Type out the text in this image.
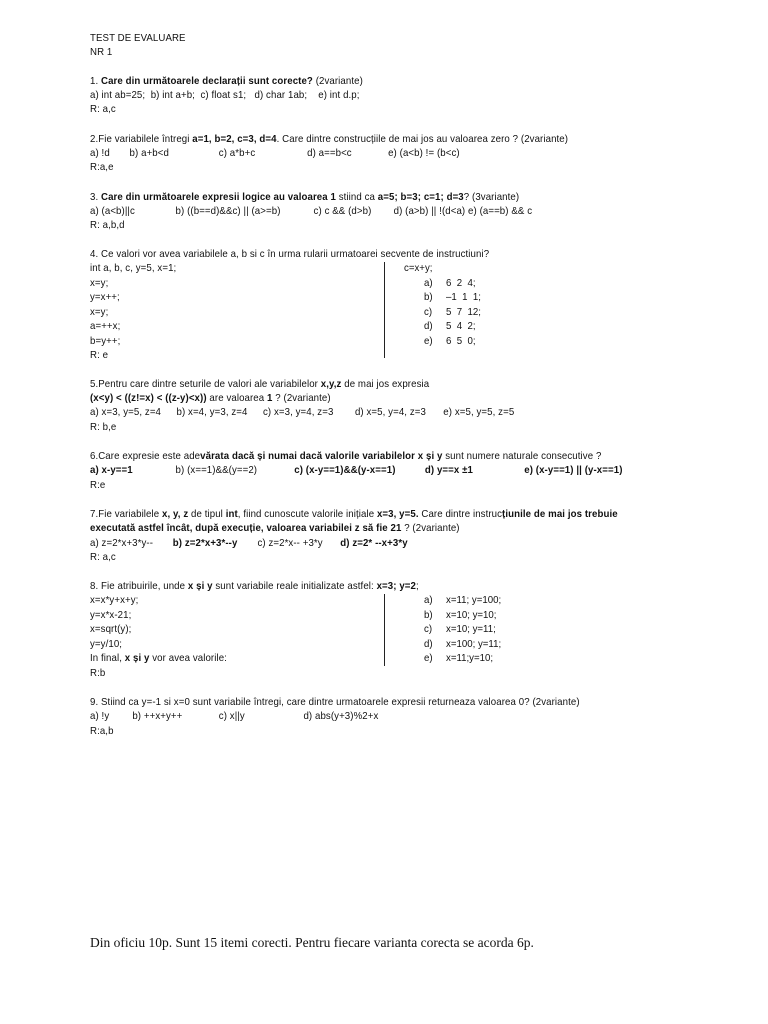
TEST DE EVALUARE
NR 1
1. Care din următoarele declarații sunt corecte? (2variante)
a) int ab=25;  b) int a+b;  c) float s1;   d) char 1ab;    e) int d.p;
R: a,c
2.Fie variabilele întregi a=1, b=2, c=3, d=4. Care dintre construcțiile de mai jos au valoarea zero ? (2variante)
a) !d b) a+b<d	c) a*b+c	d) a==b<c	e) (a<b) != (b<c)
R:a,e
3. Care din următoarele expresii logice au valoarea 1 stiind ca a=5; b=3; c=1; d=3? (3variante)
a) (a<b)||c	b) ((b==d)&&c) || (a>=b)	c) c && (d>b) d) (a>b) || !(d<a) e) (a==b) && c
R: a,b,d
4. Ce valori vor avea variabilele a, b si c în urma rularii urmatoarei secvente de instructiuni?
int a, b, c, y=5, x=1;
x=y;
y=x++;
x=y;
a=++x;
b=y++;
R: e
c=x+y;
a) 6  2  4;
b) –1  1  1;
c) 5  7  12;
d) 5  4  2;
e) 6  5  0;
5.Pentru care dintre seturile de valori ale variabilelor x,y,z de mai jos expresia
(x<y) < ((z!=x) < ((z-y)<x)) are valoarea 1 ? (2variante)
a) x=3, y=5, z=4 b) x=4, y=3, z=4 c) x=3, y=4, z=3 d) x=5, y=4, z=3 e) x=5, y=5, z=5
R: b,e
6.Care expresie este adevărata dacă și numai dacă valorile variabilelor x și y sunt numere naturale consecutive ?
a) x-y==1	b) (x==1)&&(y==2)	c) (x-y==1)&&(y-x==1)	d) y==x ±1	e) (x-y==1) || (y-x==1)
R:e
7.Fie variabilele x, y, z de tipul int, fiind cunoscute valorile inițiale x=3, y=5. Care dintre instrucțiunile de mai jos trebuie
executată astfel încât, după execuție, valoarea variabilei z să fie 21 ? (2variante)
a) z=2*x+3*y-- b) z=2*x+3*--y c) z=2*x-- +3*y d) z=2* --x+3*y
R: a,c
8. Fie atribuirile, unde x și y sunt variabile reale initializate astfel: x=3; y=2;
x=x*y+x+y;
y=x*x-21;
x=sqrt(y);
y=y/10;
In final, x și y vor avea valorile:
R:b
a) x=11; y=100;
b) x=10; y=10;
c) x=10; y=11;
d) x=100; y=11;
e) x=11;y=10;
9. Stiind ca y=-1 si x=0 sunt variabile întregi, care dintre urmatoarele expresii returneaza valoarea 0? (2variante)
a) !y b) ++x+y++	c) x||y	d) abs(y+3)%2+x
R:a,b
Din oficiu 10p. Sunt 15 itemi corecti. Pentru fiecare varianta corecta se acorda 6p.
